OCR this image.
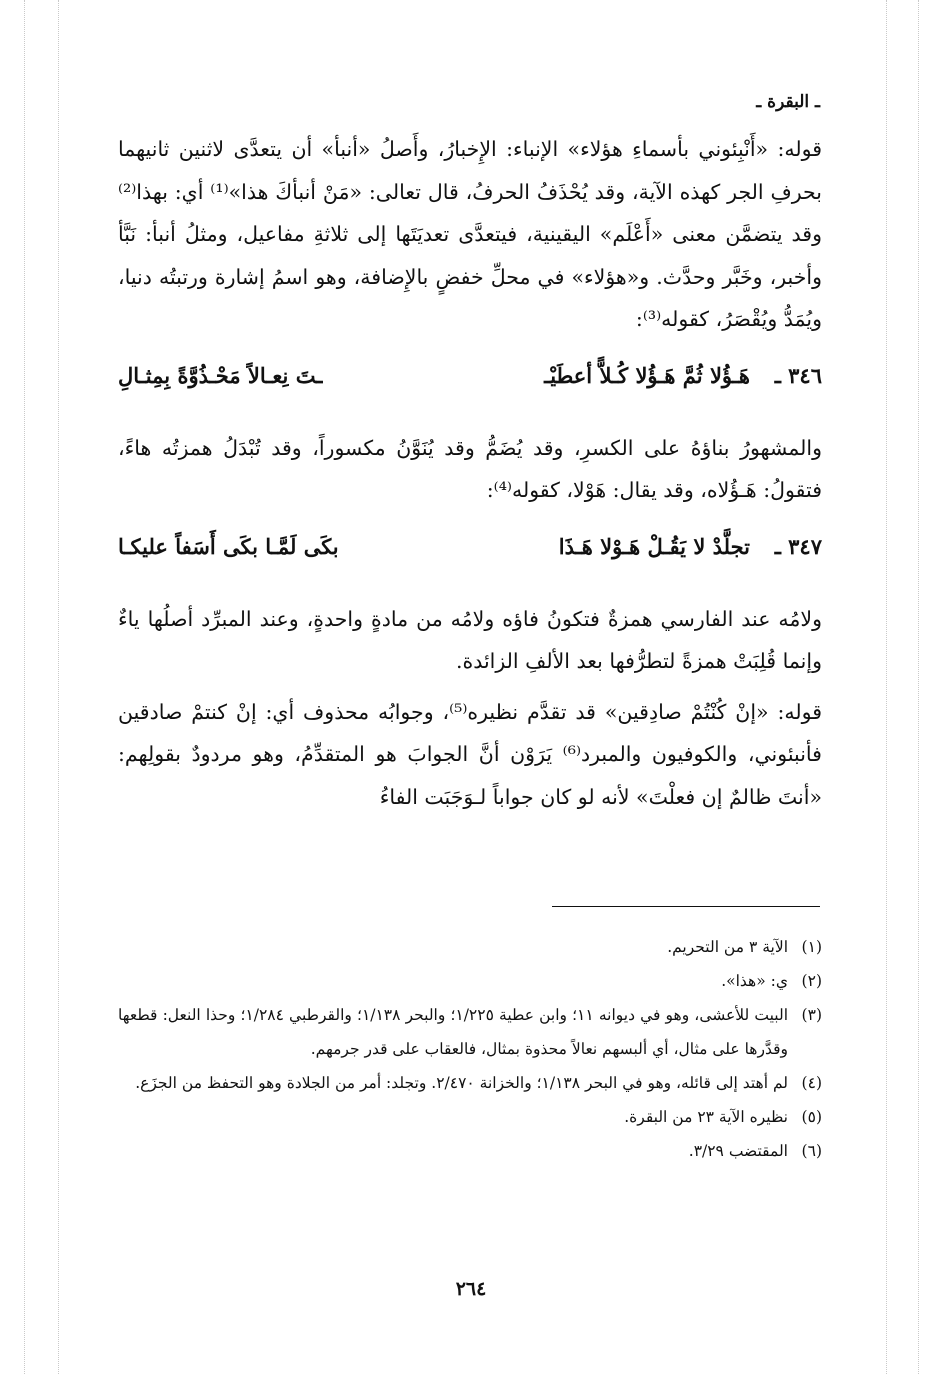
ـ البقرة ـ

قوله: «أَنْبِئوني بأسماءِ هؤلاء» الإنباء: الإِخبارُ، وأَصلُ «أنبأ» أن يتعدَّى لاثنين ثانيهما بحرفِ الجر كهذه الآية، وقد يُحْذَفُ الحرفُ، قال تعالى: «مَنْ أنبأكَ هذا»⁽¹⁾ أي: بهذا⁽²⁾ وقد يتضمَّن معنى «أَعْلَم» اليقينية، فيتعدَّى تعديَتَها إلى ثلاثةِ مفاعيل، ومثلُ أنبأ: نَبَّأ وأخبر، وخَبَّر وحدَّث. و«هؤلاء» في محلِّ خفضٍ بالإِضافة، وهو اسمُ إشارة ورتبتُه دنيا، ويُمَدُّ ويُقْصَرُ، كقوله⁽³⁾:

٣٤٦ ـ
هَـؤُلا ثُمَّ هَـؤُلا كُـلاًّ أعطَيْـ
ـتَ نِعـالاً مَحْـذُوَّةً بِمِثـالِ

والمشهورُ بناؤهُ على الكسرِ، وقد يُضَمُّ وقد يُنَوَّنُ مكسوراً، وقد تُبْدَلُ همزتُه هاءً، فتقولُ: هَـؤُلاه، وقد يقال: هَوْلا، كقوله⁽⁴⁾:

٣٤٧ ـ
تجلَّدْ لا يَقُـلْ هَـوْلا هَـذَا
بكَى لَمَّـا بكَى أَسَفاً عليكـا

ولامُه عند الفارسي همزةٌ فتكونُ فاؤه ولامُه من مادةٍ واحدةٍ، وعند المبرِّد أصلُها ياءٌ وإنما قُلِبَتْ همزةً لتطرُّفها بعد الألفِ الزائدة.

قوله: «إنْ كُنْتُمْ صادِقين» قد تقدَّم نظيره⁽⁵⁾، وجوابُه محذوف أي: إنْ كنتمْ صادقين فأنبئوني، والكوفيون والمبرد⁽⁶⁾ يَرَوْن أنَّ الجوابَ هو المتقدِّمُ، وهو مردودٌ بقولِهم: «أنتَ ظالمٌ إن فعلْتَ» لأنه لو كان جواباً لـوَجَبَت الفاءُ

(١)
الآية ٣ من التحريم.
(٢)
ي: «هذا».
(٣)
البيت للأعشى، وهو في ديوانه ١١؛ وابن عطية ١/٢٢٥؛ والبحر ١/١٣٨؛ والقرطبي ١/٢٨٤؛ وحذا النعل: قطعها وقدَّرها على مثال، أي ألبسهم نعالاً محذوة بمثال، فالعقاب على قدر جرمهم.
(٤)
لم أهتد إلى قائله، وهو في البحر ١/١٣٨؛ والخزانة ٢/٤٧٠. وتجلد: أمر من الجلادة وهو التحفظ من الجزَع.
(٥)
نظيره الآية ٢٣ من البقرة.
(٦)
المقتضب ٣/٢٩.
٢٦٤
